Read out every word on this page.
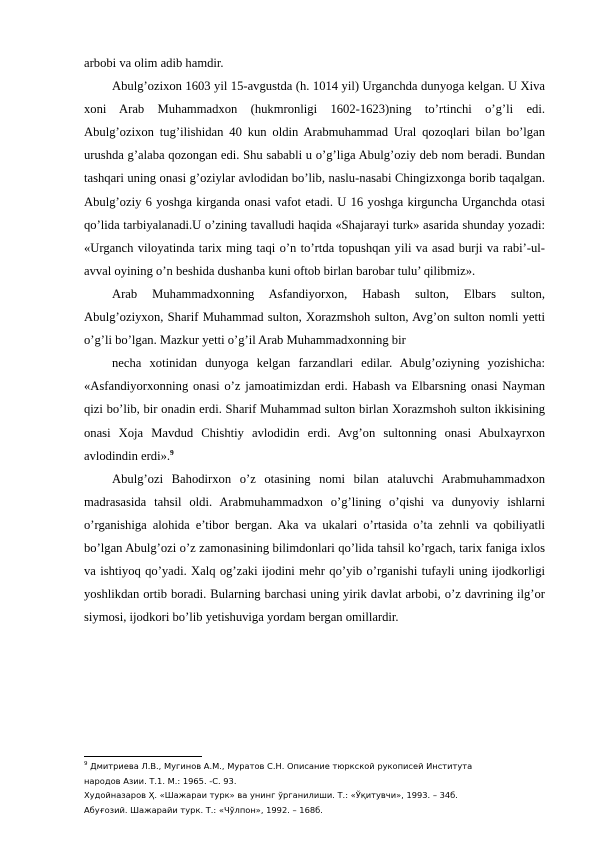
arbobi va olim adib hamdir.

Abulg’ozixon 1603 yil 15-avgustda (h. 1014 yil) Urganchda dunyoga kelgan. U Xiva xoni Arab Muhammadxon (hukmronligi 1602-1623)ning to’rtinchi o’g’li edi. Abulg’ozixon tug’ilishidan 40 kun oldin Arabmuhammad Ural qozoqlari bilan bo’lgan urushda g’alaba qozongan edi. Shu sababli u o’g’liga Abulg’oziy deb nom beradi. Bundan tashqari uning onasi g’oziylar avlodidan bo’lib, naslu-nasabi Chingizxonga borib taqalgan. Abulg’oziy 6 yoshga kirganda onasi vafot etadi. U 16 yoshga kirguncha Urganchda otasi qo’lida tarbiyalanadi.U o’zining tavalludi haqida «Shajarayi turk» asarida shunday yozadi: «Urganch viloyatinda tarix ming taqi o’n to’rtda topushqan yili va asad burji va rabi’-ul-avval oyining o’n beshida dushanba kuni oftob birlan barobar tulu’ qilibmiz».

Arab Muhammadxonning Asfandiyorxon, Habash sulton, Elbars sulton, Abulg’oziyxon, Sharif Muhammad sulton, Xorazmshoh sulton, Avg’on sulton nomli yetti o’g’li bo’lgan. Mazkur yetti o’g’il Arab Muhammadxonning bir

necha xotinidan dunyoga kelgan farzandlari edilar. Abulg’oziyning yozishicha: «Asfandiyorxonning onasi o’z jamoatimizdan erdi. Habash va Elbarsning onasi Nayman qizi bo’lib, bir onadin erdi. Sharif Muhammad sulton birlan Xorazmshoh sulton ikkisining onasi Xoja Mavdud Chishtiy avlodidin erdi. Avg’on sultonning onasi Abulxayrxon avlodindin erdi».$^9$

Abulg’ozi Bahodirxon o’z otasining nomi bilan ataluvchi Arabmuhammadxon madrasasida tahsil oldi. Arabmuhammadxon o’g’lining o’qishi va dunyoviy ishlarni o’rganishiga alohida e’tibor bergan. Aka va ukalari o’rtasida o’ta zehnli va qobiliyatli bo’lgan Abulg’ozi o’z zamonasining bilimdonlari qo’lida tahsil ko’rgach, tarix faniga ixlos va ishtiyoq qo’yadi. Xalq og’zaki ijodini mehr qo’yib o’rganishi tufayli uning ijodkorligi yoshlikdan ortib boradi. Bularning barchasi uning yirik davlat arbobi, o’z davrining ilg’or siymosi, ijodkori bo’lib yetishuviga yordam bergan omillardir.

$^9$ Дмитриева Л.В., Мугинов А.М., Муратов С.Н. Описание тюркской рукописей Института

народов Азии. Т.1. М.: 1965. -С. 93.

Худойназаров Ҳ. «Шажараи турк» ва унинг ўрганилиши. Т.: «Ўқитувчи», 1993. – 34б.

Абуғозий. Шажарайи турк. Т.: «Чўлпон», 1992. – 168б.
